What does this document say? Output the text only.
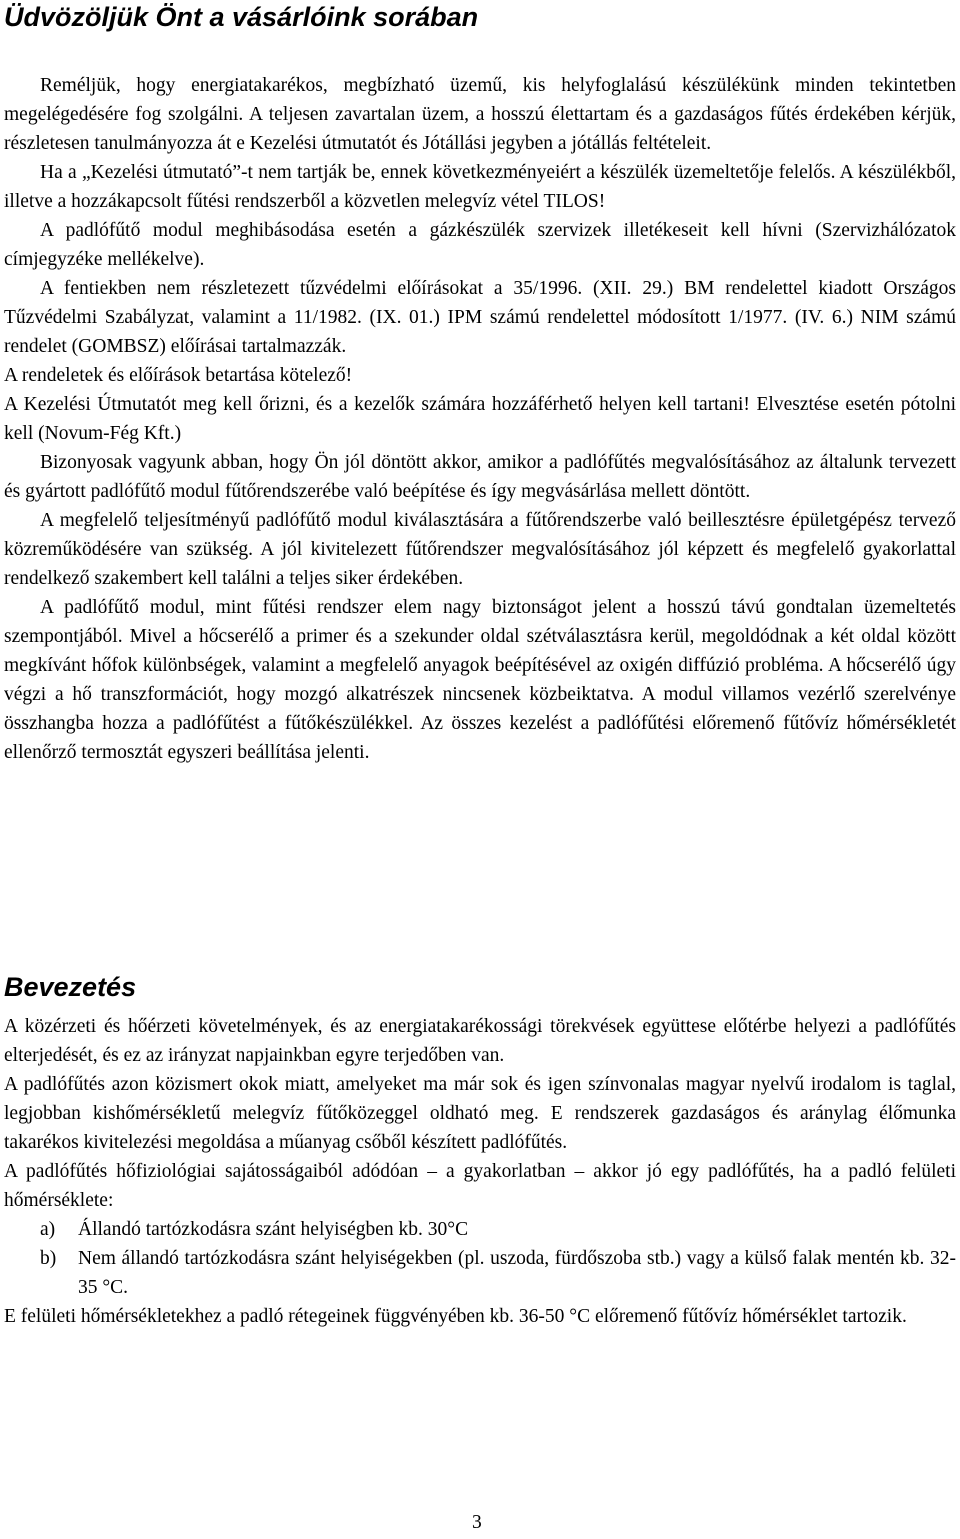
Üdvözöljük Önt a vásárlóink sorában

Reméljük, hogy energiatakarékos, megbízható üzemű, kis helyfoglalású készülékünk minden tekintetben megelégedésére fog szolgálni. A teljesen zavartalan üzem, a hosszú élettartam és a gazdaságos fűtés érdekében kérjük, részletesen tanulmányozza át e Kezelési útmutatót és Jótállási jegyben a jótállás feltételeit.

Ha a „Kezelési útmutató”-t nem tartják be, ennek következményeiért a készülék üzemeltetője felelős. A készülékből, illetve a hozzákapcsolt fűtési rendszerből a közvetlen melegvíz vétel TILOS!

A padlófűtő modul meghibásodása esetén a gázkészülék szervizek illetékeseit kell hívni (Szervizhálózatok címjegyzéke mellékelve).

A fentiekben nem részletezett tűzvédelmi előírásokat a 35/1996. (XII. 29.) BM rendelettel kiadott Országos Tűzvédelmi Szabályzat, valamint a 11/1982. (IX. 01.) IPM számú rendelettel módosított 1/1977. (IV. 6.) NIM számú rendelet (GOMBSZ) előírásai tartalmazzák.

A rendeletek és előírások betartása kötelező!

A Kezelési Útmutatót meg kell őrizni, és a kezelők számára hozzáférhető helyen kell tartani! Elvesztése esetén pótolni kell (Novum-Fég Kft.)

Bizonyosak vagyunk abban, hogy Ön jól döntött akkor, amikor a padlófűtés megvalósításához az általunk tervezett és gyártott padlófűtő modul fűtőrendszerébe való beépítése és így megvásárlása mellett döntött.

A megfelelő teljesítményű padlófűtő modul kiválasztására a fűtőrendszerbe való beillesztésre épületgépész tervező közreműködésére van szükség. A jól kivitelezett fűtőrendszer megvalósításához jól képzett és megfelelő gyakorlattal rendelkező szakembert kell találni a teljes siker érdekében.

A padlófűtő modul, mint fűtési rendszer elem nagy biztonságot jelent a hosszú távú gondtalan üzemeltetés szempontjából. Mivel a hőcserélő a primer és a szekunder oldal szétválasztásra kerül, megoldódnak a két oldal között megkívánt hőfok különbségek, valamint a megfelelő anyagok beépítésével az oxigén diffúzió probléma. A hőcserélő úgy végzi a hő transzformációt, hogy mozgó alkatrészek nincsenek közbeiktatva. A modul villamos vezérlő szerelvénye összhangba hozza a padlófűtést a fűtőkészülékkel. Az összes kezelést a padlófűtési előremenő fűtővíz hőmérsékletét ellenőrző termosztát egyszeri beállítása jelenti.

Bevezetés

A közérzeti és hőérzeti követelmények, és az energiatakarékossági törekvések együttese előtérbe helyezi a padlófűtés elterjedését, és ez az irányzat napjainkban egyre terjedőben van.

A padlófűtés azon közismert okok miatt, amelyeket ma már sok és igen színvonalas magyar nyelvű irodalom is taglal, legjobban kishőmérsékletű melegvíz fűtőközeggel oldható meg. E rendszerek gazdaságos és aránylag élőmunka takarékos kivitelezési megoldása a műanyag csőből készített padlófűtés.

A padlófűtés hőfiziológiai sajátosságaiból adódóan – a gyakorlatban – akkor jó egy padlófűtés, ha a padló felületi hőmérséklete:

a) Állandó tartózkodásra szánt helyiségben kb. 30°C
b) Nem állandó tartózkodásra szánt helyiségekben (pl. uszoda, fürdőszoba stb.) vagy a külső falak mentén kb. 32-35 °C.

E felületi hőmérsékletekhez a padló rétegeinek függvényében kb. 36-50 °C előremenő fűtővíz hőmérséklet tartozik.

3
